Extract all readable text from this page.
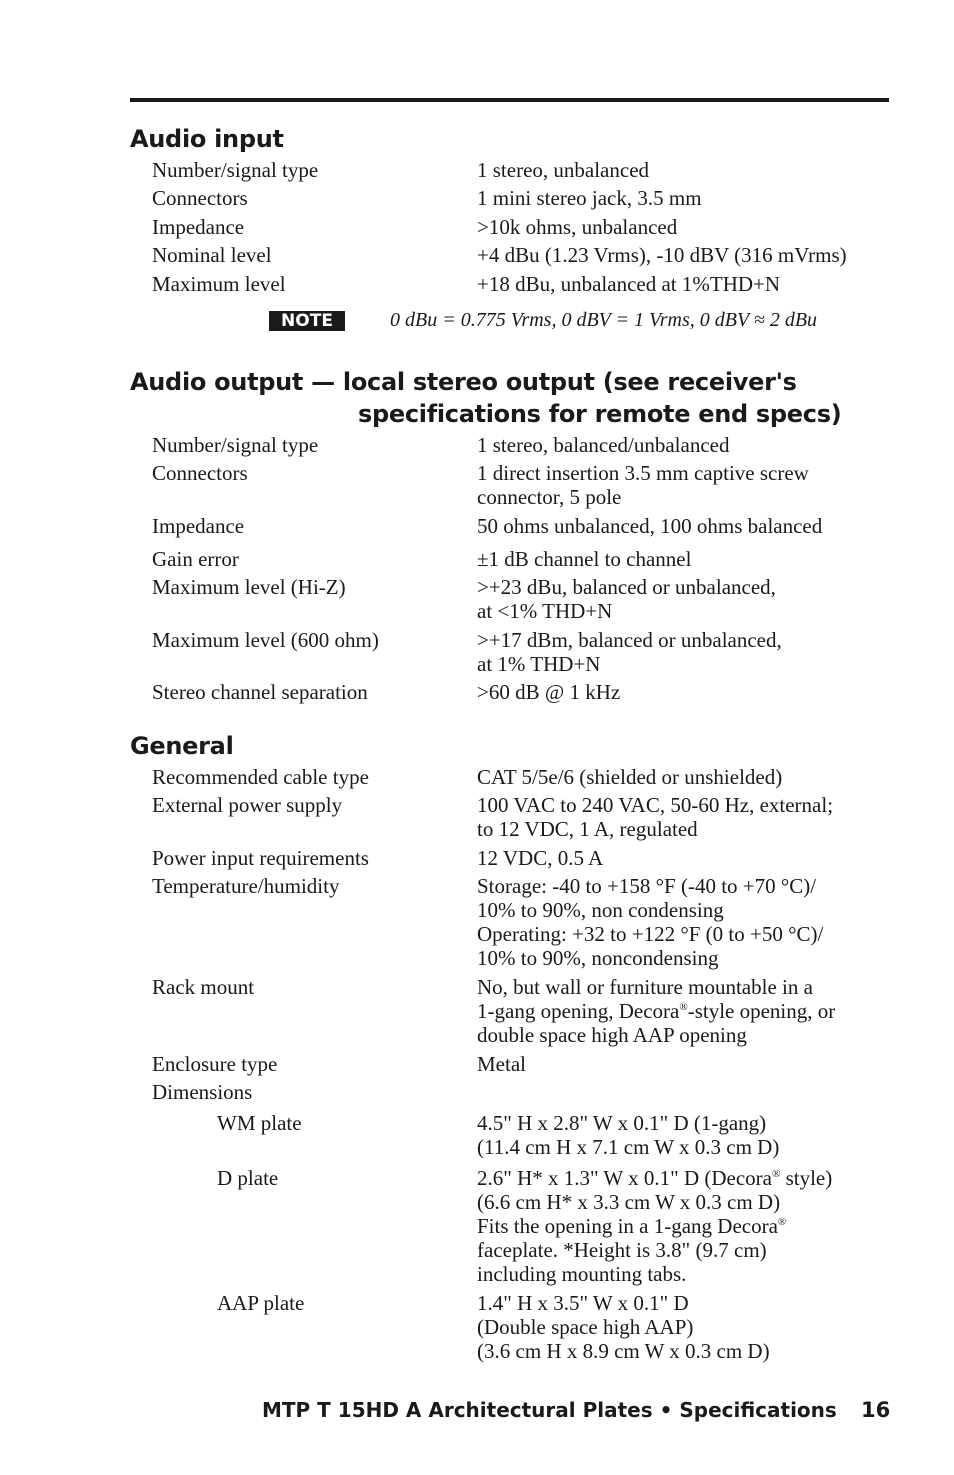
Audio input
Number/signal type	1 stereo, unbalanced
Connectors	1 mini stereo jack, 3.5 mm
Impedance	>10k ohms, unbalanced
Nominal level	+4 dBu (1.23 Vrms), -10 dBV (316 mVrms)
Maximum level	+18 dBu, unbalanced at 1%THD+N
NOTE	0 dBu = 0.775 Vrms, 0 dBV = 1 Vrms, 0 dBV ≈ 2 dBu
Audio output — local stereo output (see receiver's
specifications for remote end specs)
Number/signal type	1 stereo, balanced/unbalanced
Connectors	1 direct insertion 3.5 mm captive screw
connector, 5 pole
Impedance	50 ohms unbalanced, 100 ohms balanced
Gain error	±1 dB channel to channel
Maximum level (Hi-Z)	>+23 dBu, balanced or unbalanced,
at <1% THD+N
Maximum level (600 ohm)	>+17 dBm, balanced or unbalanced,
at 1% THD+N
Stereo channel separation	>60 dB @ 1 kHz
General
Recommended cable type	CAT 5/5e/6 (shielded or unshielded)
External power supply	100 VAC to 240 VAC, 50-60 Hz, external;
to 12 VDC, 1 A, regulated
Power input requirements	12 VDC, 0.5 A
Temperature/humidity	Storage: -40 to +158 °F (-40 to +70 °C)/
10% to 90%, non condensing
Operating: +32 to +122 °F (0 to +50 °C)/
10% to 90%, noncondensing
Rack mount	No, but wall or furniture mountable in a
1-gang opening, Decora®-style opening, or
double space high AAP opening
Enclosure type	Metal
Dimensions
WM plate	4.5" H x 2.8" W x 0.1" D (1-gang)
(11.4 cm H x 7.1 cm W x 0.3 cm D)
D plate	2.6" H* x 1.3" W x 0.1" D (Decora® style)
(6.6 cm H* x 3.3 cm W x 0.3 cm D)
Fits the opening in a 1-gang Decora®
faceplate. *Height is 3.8" (9.7 cm)
including mounting tabs.
AAP plate	1.4" H x 3.5" W x 0.1" D
(Double space high AAP)
(3.6 cm H x 8.9 cm W x 0.3 cm D)
MTP T 15HD A Architectural Plates • Specifications 16
